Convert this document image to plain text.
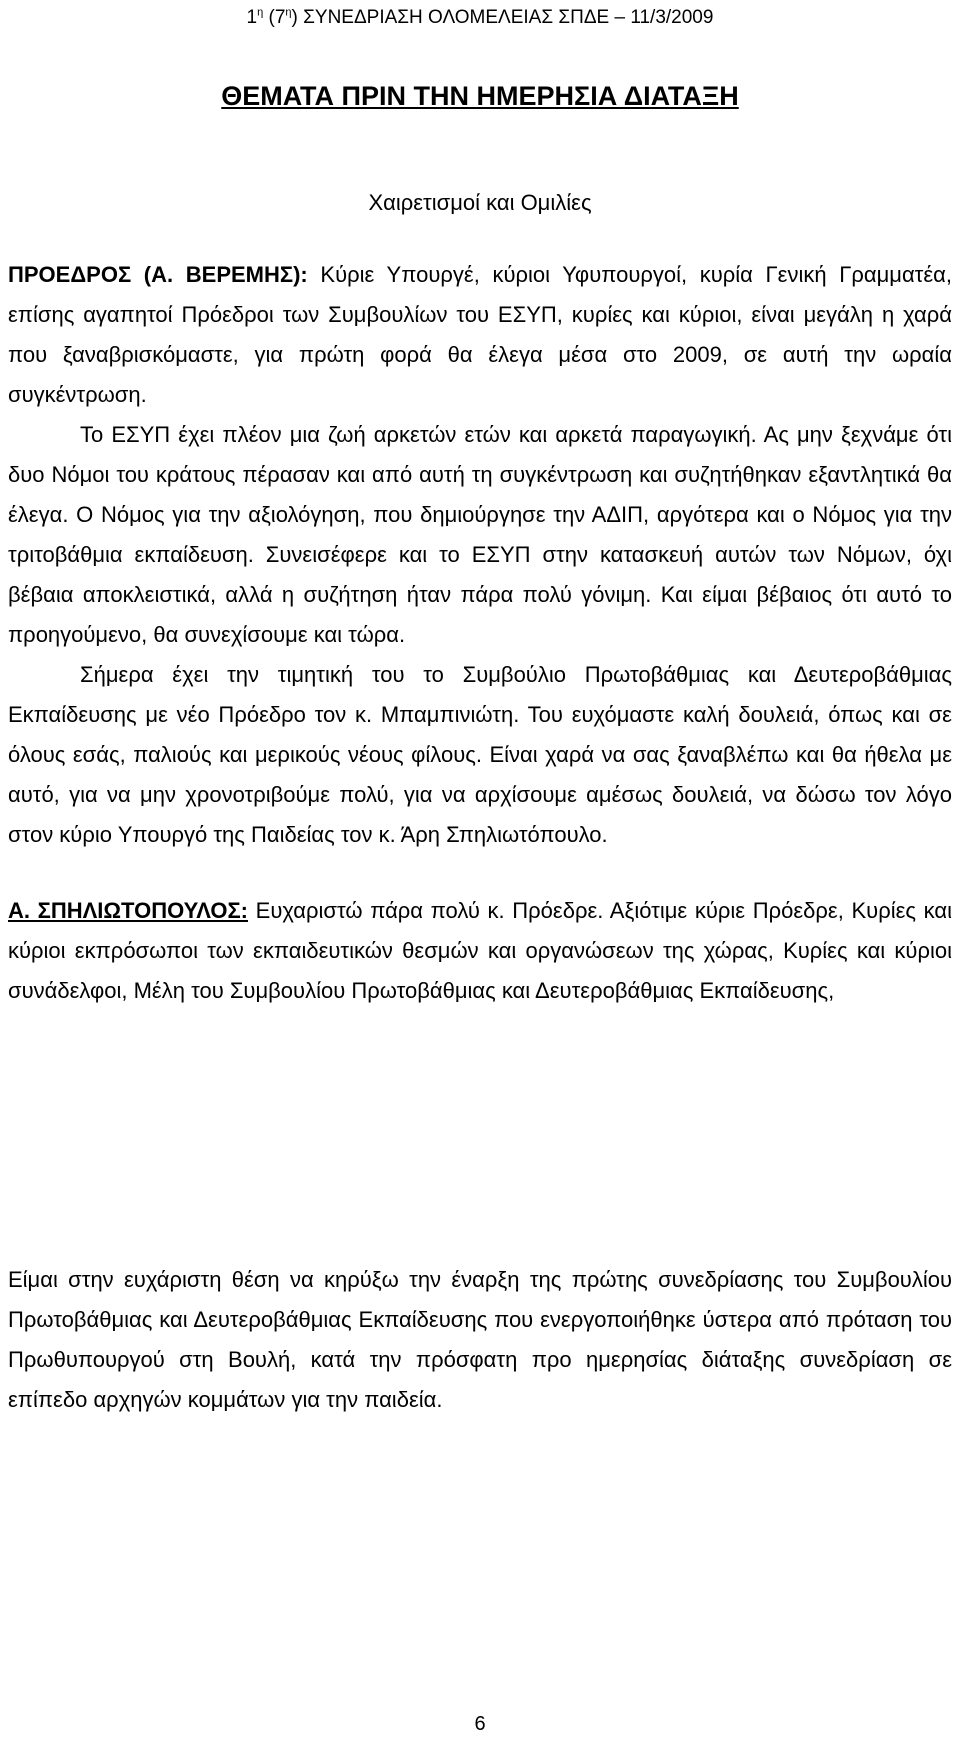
$1^\eta$ $(7^\eta)$ ΣΥΝΕΔΡΙΑΣΗ ΟΛΟΜΕΛΕΙΑΣ ΣΠΔΕ – 11/3/2009
ΘΕΜΑΤΑ ΠΡΙΝ ΤΗΝ ΗΜΕΡΗΣΙΑ ΔΙΑΤΑΞΗ
Χαιρετισμοί και Ομιλίες

ΠΡΟΕΔΡΟΣ (Α. ΒΕΡΕΜΗΣ): Κύριε Υπουργέ, κύριοι Υφυπουργοί, κυρία Γενική Γραμματέα, επίσης αγαπητοί Πρόεδροι των Συμβουλίων του ΕΣΥΠ, κυρίες και κύριοι, είναι μεγάλη η χαρά που ξαναβρισκόμαστε, για πρώτη φορά θα έλεγα μέσα στο 2009, σε αυτή την ωραία συγκέντρωση.

Το ΕΣΥΠ έχει πλέον μια ζωή αρκετών ετών και αρκετά παραγωγική. Ας μην ξεχνάμε ότι δυο Νόμοι του κράτους πέρασαν και από αυτή τη συγκέντρωση και συζητήθηκαν εξαντλητικά θα έλεγα. Ο Νόμος για την αξιολόγηση, που δημιούργησε την ΑΔΙΠ, αργότερα και ο Νόμος για την τριτοβάθμια εκπαίδευση. Συνεισέφερε και το ΕΣΥΠ στην κατασκευή αυτών των Νόμων, όχι βέβαια αποκλειστικά, αλλά η συζήτηση ήταν πάρα πολύ γόνιμη. Και είμαι βέβαιος ότι αυτό το προηγούμενο, θα συνεχίσουμε και τώρα.

Σήμερα έχει την τιμητική του το Συμβούλιο Πρωτοβάθμιας και Δευτεροβάθμιας Εκπαίδευσης με νέο Πρόεδρο τον κ. Μπαμπινιώτη. Του ευχόμαστε καλή δουλειά, όπως και σε όλους εσάς, παλιούς και μερικούς νέους φίλους. Είναι χαρά να σας ξαναβλέπω και θα ήθελα με αυτό, για να μην χρονοτριβούμε πολύ, για να αρχίσουμε αμέσως δουλειά, να δώσω τον λόγο στον κύριο Υπουργό της Παιδείας τον κ. Άρη Σπηλιωτόπουλο.

Α. ΣΠΗΛΙΩΤΟΠΟΥΛΟΣ: Ευχαριστώ πάρα πολύ κ. Πρόεδρε. Αξιότιμε κύριε Πρόεδρε, Κυρίες και κύριοι εκπρόσωποι των εκπαιδευτικών θεσμών και οργανώσεων της χώρας, Κυρίες και κύριοι συνάδελφοι, Μέλη του Συμβουλίου Πρωτοβάθμιας και Δευτεροβάθμιας Εκπαίδευσης,

Είμαι στην ευχάριστη θέση να κηρύξω την έναρξη της πρώτης συνεδρίασης του Συμβουλίου Πρωτοβάθμιας και Δευτεροβάθμιας Εκπαίδευσης που ενεργοποιήθηκε ύστερα από πρόταση του Πρωθυπουργού στη Βουλή, κατά την πρόσφατη προ ημερησίας διάταξης συνεδρίαση σε επίπεδο αρχηγών κομμάτων για την παιδεία.

6
